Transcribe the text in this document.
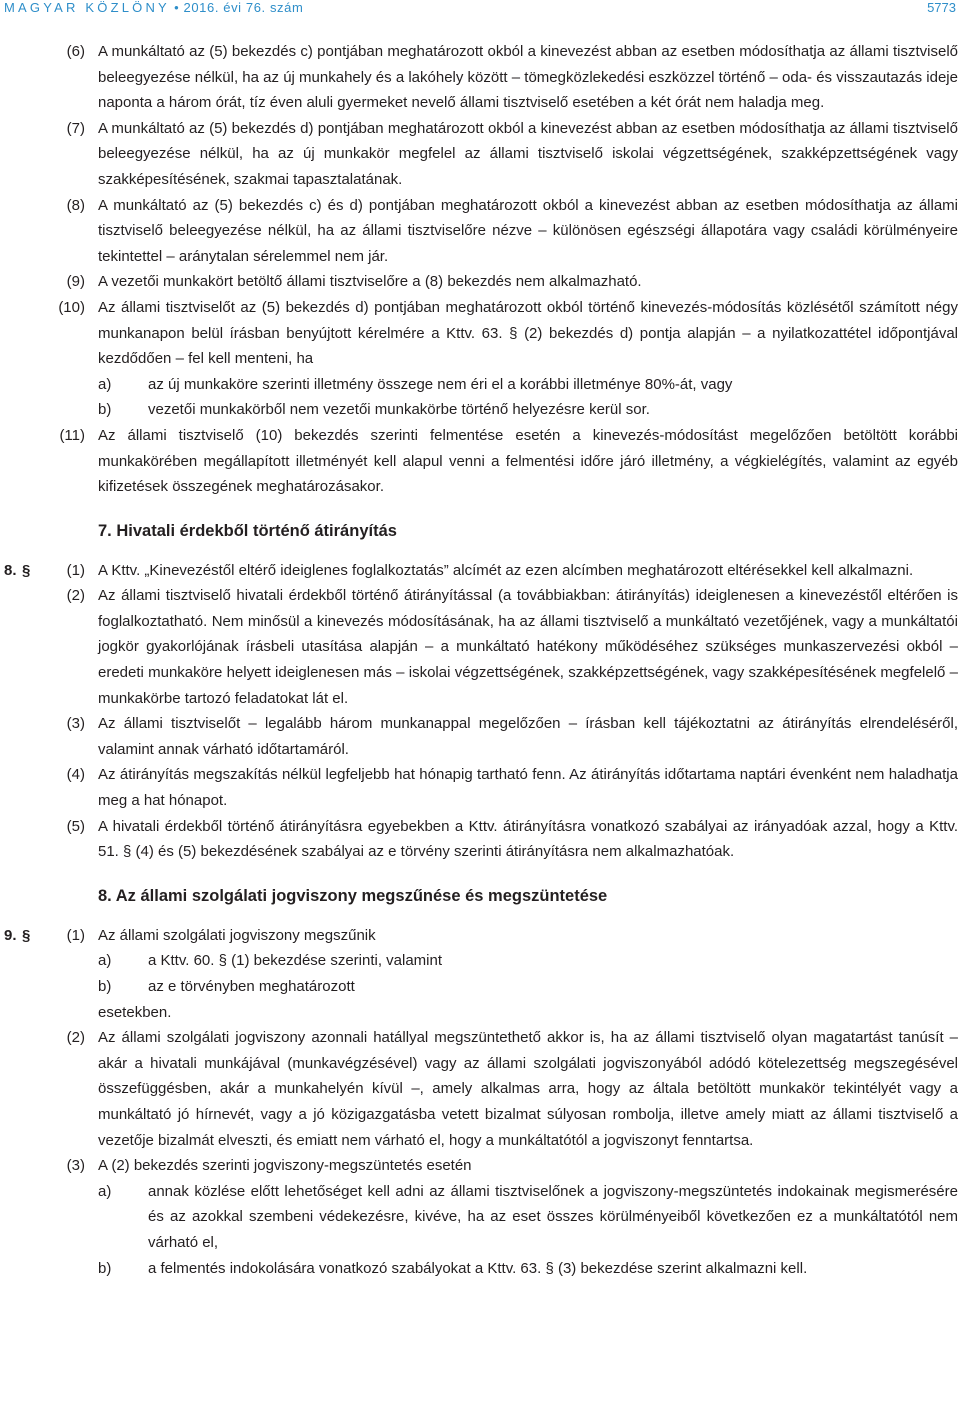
MAGYAR KÖZLÖNY • 2016. évi 76. szám	5773
(6) A munkáltató az (5) bekezdés c) pontjában meghatározott okból a kinevezést abban az esetben módosíthatja az állami tisztviselő beleegyezése nélkül, ha az új munkahely és a lakóhely között – tömegközlekedési eszközzel történő – oda- és visszautazás ideje naponta a három órát, tíz éven aluli gyermeket nevelő állami tisztviselő esetében a két órát nem haladja meg.
(7) A munkáltató az (5) bekezdés d) pontjában meghatározott okból a kinevezést abban az esetben módosíthatja az állami tisztviselő beleegyezése nélkül, ha az új munkakör megfelel az állami tisztviselő iskolai végzettségének, szakképzettségének vagy szakképesítésének, szakmai tapasztalatának.
(8) A munkáltató az (5) bekezdés c) és d) pontjában meghatározott okból a kinevezést abban az esetben módosíthatja az állami tisztviselő beleegyezése nélkül, ha az állami tisztviselőre nézve – különösen egészségi állapotára vagy családi körülményeire tekintettel – aránytalan sérelemmel nem jár.
(9) A vezetői munkakört betöltő állami tisztviselőre a (8) bekezdés nem alkalmazható.
(10) Az állami tisztviselőt az (5) bekezdés d) pontjában meghatározott okból történő kinevezés-módosítás közlésétől számított négy munkanapon belül írásban benyújtott kérelmére a Kttv. 63. § (2) bekezdés d) pontja alapján – a nyilatkozattétel időpontjával kezdődően – fel kell menteni, ha
a)	az új munkaköre szerinti illetmény összege nem éri el a korábbi illetménye 80%-át, vagy
b)	vezetői munkakörből nem vezetői munkakörbe történő helyezésre kerül sor.
(11) Az állami tisztviselő (10) bekezdés szerinti felmentése esetén a kinevezés-módosítást megelőzően betöltött korábbi munkakörében megállapított illetményét kell alapul venni a felmentési időre járó illetmény, a végkielégítés, valamint az egyéb kifizetések összegének meghatározásakor.
7. Hivatali érdekből történő átirányítás
8. §	(1) A Kttv. „Kinevezéstől eltérő ideiglenes foglalkoztatás” alcímét az ezen alcímben meghatározott eltérésekkel kell alkalmazni.
(2) Az állami tisztviselő hivatali érdekből történő átirányítással (a továbbiakban: átirányítás) ideiglenesen a kinevezéstől eltérően is foglalkoztatható. Nem minősül a kinevezés módosításának, ha az állami tisztviselő a munkáltató vezetőjének, vagy a munkáltatói jogkör gyakorlójának írásbeli utasítása alapján – a munkáltató hatékony működéséhez szükséges munkaszervezési okból – eredeti munkaköre helyett ideiglenesen más – iskolai végzettségének, szakképzettségének, vagy szakképesítésének megfelelő – munkakörbe tartozó feladatokat lát el.
(3) Az állami tisztviselőt – legalább három munkanappal megelőzően – írásban kell tájékoztatni az átirányítás elrendeléséről, valamint annak várható időtartamáról.
(4) Az átirányítás megszakítás nélkül legfeljebb hat hónapig tartható fenn. Az átirányítás időtartama naptári évenként nem haladhatja meg a hat hónapot.
(5) A hivatali érdekből történő átirányításra egyebekben a Kttv. átirányításra vonatkozó szabályai az irányadóak azzal, hogy a Kttv. 51. § (4) és (5) bekezdésének szabályai az e törvény szerinti átirányításra nem alkalmazhatóak.
8. Az állami szolgálati jogviszony megszűnése és megszüntetése
9. §	(1) Az állami szolgálati jogviszony megszűnik
a)	a Kttv. 60. § (1) bekezdése szerinti, valamint
b)	az e törvényben meghatározott
esetekben.
(2) Az állami szolgálati jogviszony azonnali hatállyal megszüntethető akkor is, ha az állami tisztviselő olyan magatartást tanúsít – akár a hivatali munkájával (munkavégzésével) vagy az állami szolgálati jogviszonyából adódó kötelezettség megszegésével összefüggésben, akár a munkahelyén kívül –, amely alkalmas arra, hogy az általa betöltött munkakör tekintélyét vagy a munkáltató jó hírnevét, vagy a jó közigazgatásba vetett bizalmat súlyosan rombolja, illetve amely miatt az állami tisztviselő a vezetője bizalmát elveszti, és emiatt nem várható el, hogy a munkáltatótól a jogviszonyt fenntartsa.
(3) A (2) bekezdés szerinti jogviszony-megszüntetés esetén
a)	annak közlése előtt lehetőséget kell adni az állami tisztviselőnek a jogviszony-megszüntetés indokainak megismerésére és az azokkal szembeni védekezésre, kivéve, ha az eset összes körülményeiből következően ez a munkáltatótól nem várható el,
b)	a felmentés indokolására vonatkozó szabályokat a Kttv. 63. § (3) bekezdése szerint alkalmazni kell.
